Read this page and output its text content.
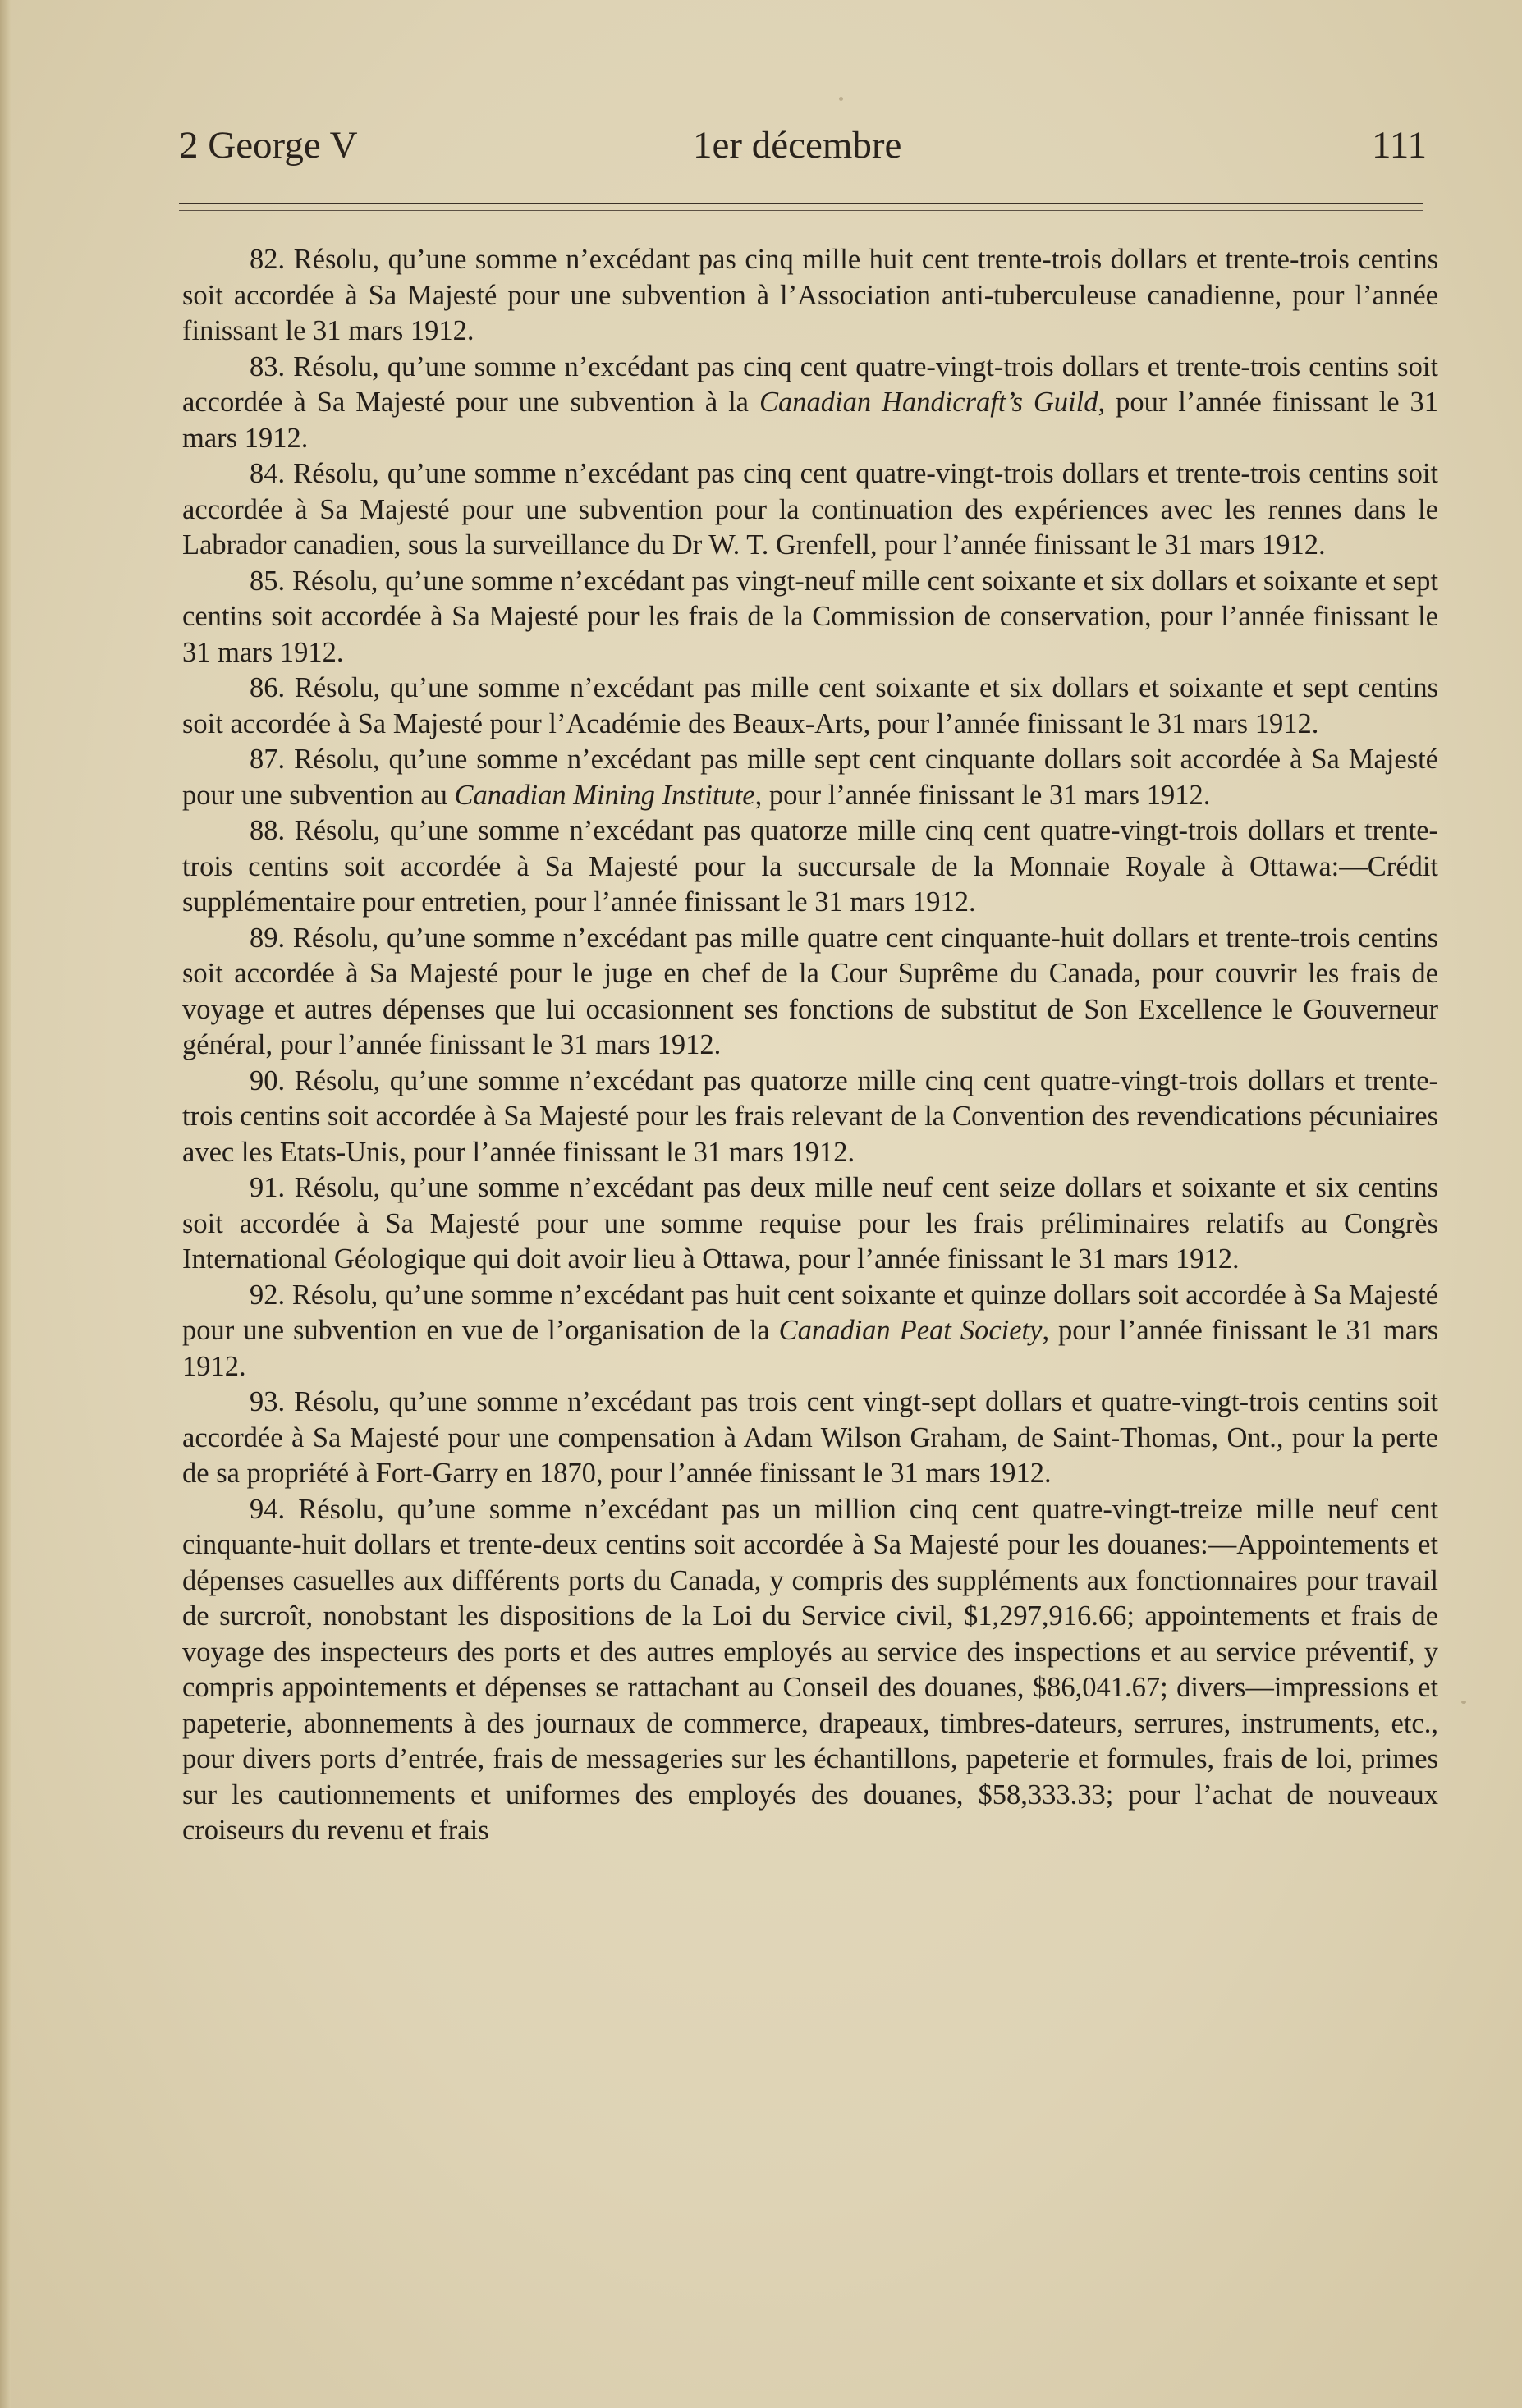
2 George V	1er décembre	111

82. Résolu, qu’une somme n’excédant pas cinq mille huit cent trente-trois dollars et trente-trois centins soit accordée à Sa Majesté pour une subvention à l’Association anti-tuberculeuse canadienne, pour l’année finissant le 31 mars 1912.

83. Résolu, qu’une somme n’excédant pas cinq cent quatre-vingt-trois dollars et trente-trois centins soit accordée à Sa Majesté pour une subvention à la Canadian Handicraft’s Guild, pour l’année finissant le 31 mars 1912.

84. Résolu, qu’une somme n’excédant pas cinq cent quatre-vingt-trois dollars et trente-trois centins soit accordée à Sa Majesté pour une subvention pour la continuation des expériences avec les rennes dans le Labrador canadien, sous la surveillance du Dr W. T. Grenfell, pour l’année finissant le 31 mars 1912.

85. Résolu, qu’une somme n’excédant pas vingt-neuf mille cent soixante et six dollars et soixante et sept centins soit accordée à Sa Majesté pour les frais de la Commission de conservation, pour l’année finissant le 31 mars 1912.

86. Résolu, qu’une somme n’excédant pas mille cent soixante et six dollars et soixante et sept centins soit accordée à Sa Majesté pour l’Académie des Beaux-Arts, pour l’année finissant le 31 mars 1912.

87. Résolu, qu’une somme n’excédant pas mille sept cent cinquante dollars soit accordée à Sa Majesté pour une subvention au Canadian Mining Institute, pour l’année finissant le 31 mars 1912.

88. Résolu, qu’une somme n’excédant pas quatorze mille cinq cent quatre-vingt-trois dollars et trente-trois centins soit accordée à Sa Majesté pour la succursale de la Monnaie Royale à Ottawa:—Crédit supplémentaire pour entretien, pour l’année finissant le 31 mars 1912.

89. Résolu, qu’une somme n’excédant pas mille quatre cent cinquante-huit dollars et trente-trois centins soit accordée à Sa Majesté pour le juge en chef de la Cour Suprême du Canada, pour couvrir les frais de voyage et autres dépenses que lui occasionnent ses fonctions de substitut de Son Excellence le Gouverneur général, pour l’année finissant le 31 mars 1912.

90. Résolu, qu’une somme n’excédant pas quatorze mille cinq cent quatre-vingt-trois dollars et trente-trois centins soit accordée à Sa Majesté pour les frais relevant de la Convention des revendications pécuniaires avec les Etats-Unis, pour l’année finissant le 31 mars 1912.

91. Résolu, qu’une somme n’excédant pas deux mille neuf cent seize dollars et soixante et six centins soit accordée à Sa Majesté pour une somme requise pour les frais préliminaires relatifs au Congrès International Géologique qui doit avoir lieu à Ottawa, pour l’année finissant le 31 mars 1912.

92. Résolu, qu’une somme n’excédant pas huit cent soixante et quinze dollars soit accordée à Sa Majesté pour une subvention en vue de l’organisation de la Canadian Peat Society, pour l’année finissant le 31 mars 1912.

93. Résolu, qu’une somme n’excédant pas trois cent vingt-sept dollars et quatre-vingt-trois centins soit accordée à Sa Majesté pour une compensation à Adam Wilson Graham, de Saint-Thomas, Ont., pour la perte de sa propriété à Fort-Garry en 1870, pour l’année finissant le 31 mars 1912.

94. Résolu, qu’une somme n’excédant pas un million cinq cent quatre-vingt-treize mille neuf cent cinquante-huit dollars et trente-deux centins soit accordée à Sa Majesté pour les douanes:—Appointements et dépenses casuelles aux différents ports du Canada, y compris des suppléments aux fonctionnaires pour travail de surcroît, nonobstant les dispositions de la Loi du Service civil, $1,297,916.66; appointements et frais de voyage des inspecteurs des ports et des autres employés au service des inspections et au service préventif, y compris appointements et dépenses se rattachant au Conseil des douanes, $86,041.67; divers—impressions et papeterie, abonnements à des journaux de commerce, drapeaux, timbres-dateurs, serrures, instruments, etc., pour divers ports d’entrée, frais de messageries sur les échantillons, papeterie et formules, frais de loi, primes sur les cautionnements et uniformes des employés des douanes, $58,333.33; pour l’achat de nouveaux croiseurs du revenu et frais
